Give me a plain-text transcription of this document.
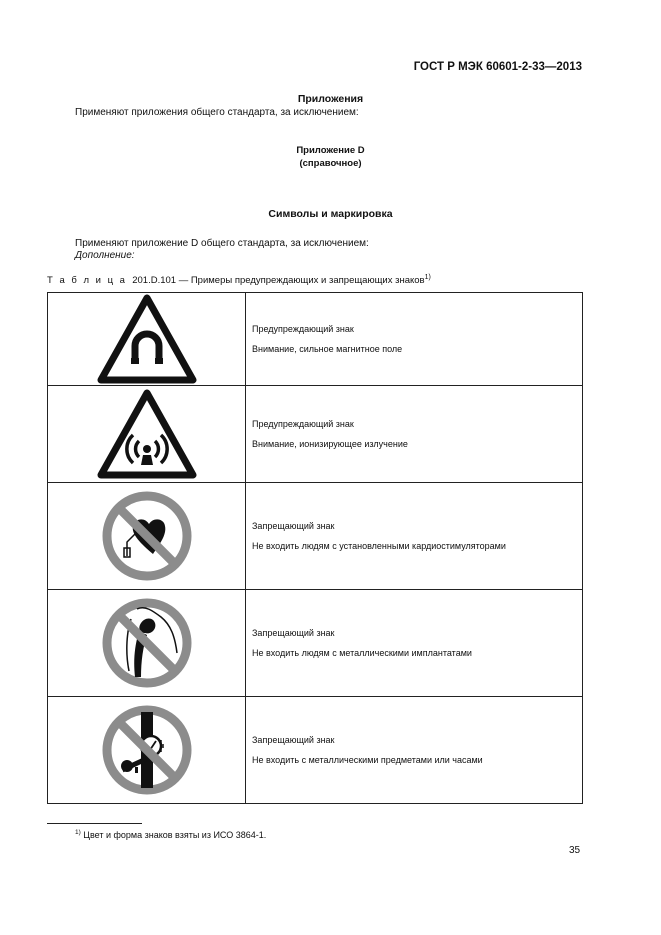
ГОСТ Р МЭК 60601-2-33—2013
Приложения
Применяют приложения общего стандарта, за исключением:
Приложение D
(справочное)
Символы и маркировка
Применяют приложение D общего стандарта, за исключением:
Дополнение:
Т а б л и ц а 201.D.101 — Примеры предупреждающих и запрещающих знаков$^{1)}$

Предупреждающий знак
Внимание, сильное магнитное поле

Предупреждающий знак
Внимание, ионизирующее излучение

Запрещающий знак
Не входить людям с установленными кардиостимуляторами

Запрещающий знак
Не входить людям с металлическими имплантатами

Запрещающий знак
Не входить с металлическими предметами или часами
$^{1)}$ Цвет и форма знаков взяты из ИСО 3864-1.
35
